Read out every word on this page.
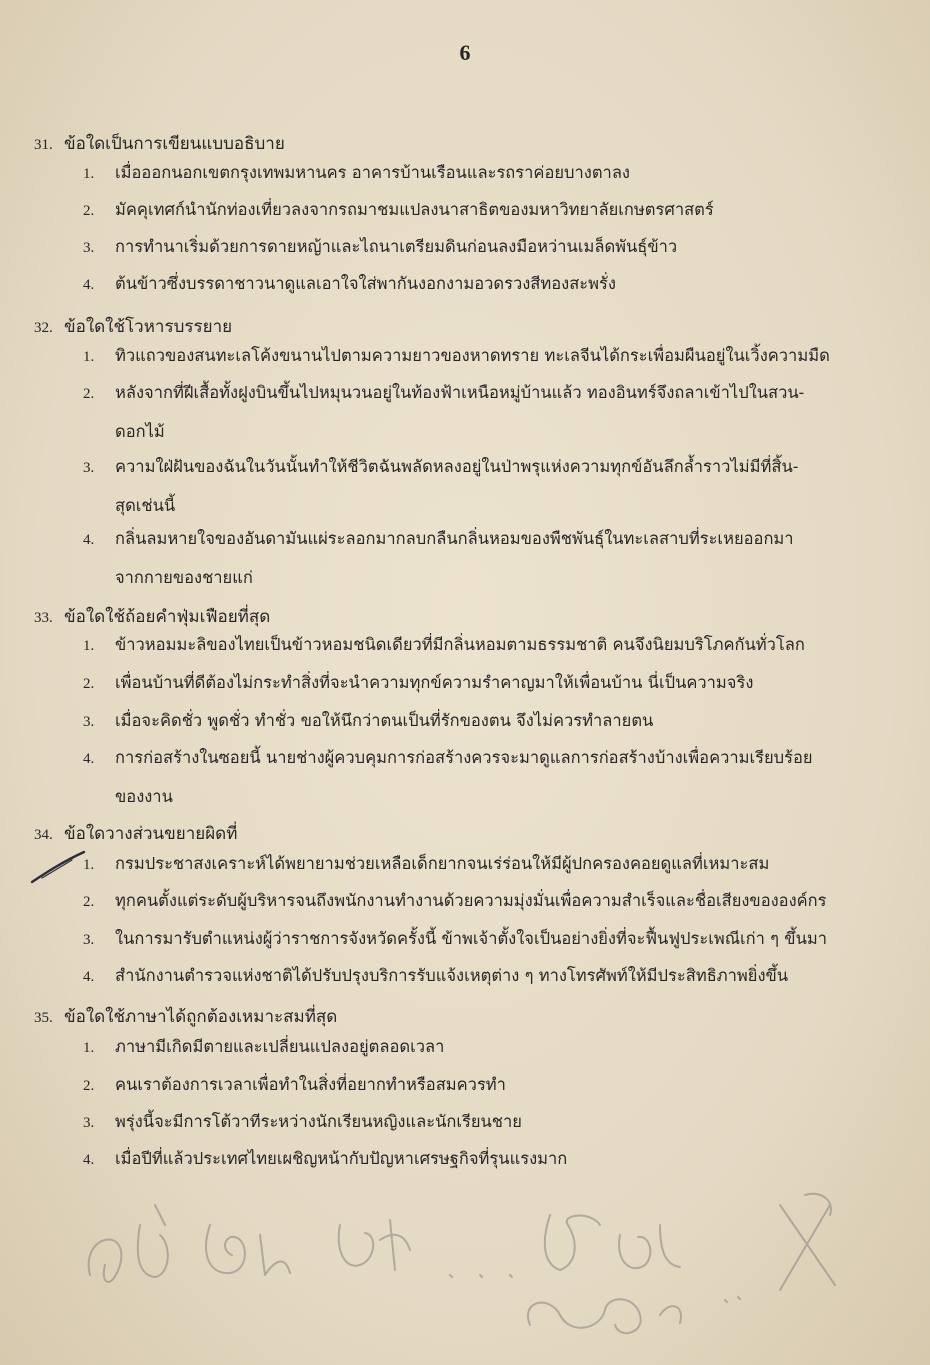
6
31. ข้อใดเป็นการเขียนแบบอธิบาย
1. เมื่อออกนอกเขตกรุงเทพมหานคร อาคารบ้านเรือนและรถราค่อยบางตาลง
2. มัคคุเทศก์นำนักท่องเที่ยวลงจากรถมาชมแปลงนาสาธิตของมหาวิทยาลัยเกษตรศาสตร์
3. การทำนาเริ่มด้วยการดายหญ้าและไถนาเตรียมดินก่อนลงมือหว่านเมล็ดพันธุ์ข้าว
4. ต้นข้าวซึ่งบรรดาชาวนาดูแลเอาใจใส่พากันงอกงามอวดรวงสีทองสะพรั่ง
32. ข้อใดใช้โวหารบรรยาย
1. ทิวแถวของสนทะเลโค้งขนานไปตามความยาวของหาดทราย ทะเลจีนได้กระเพื่อมผืนอยู่ในเวิ้งความมืด
2. หลังจากที่ฝีเสื้อทั้งฝูงบินขึ้นไปหมุนวนอยู่ในท้องฟ้าเหนือหมู่บ้านแล้ว ทองอินทร์จึงถลาเข้าไปในสวน-
ดอกไม้
3. ความใฝ่ฝันของฉันในวันนั้นทำให้ชีวิตฉันพลัดหลงอยู่ในป่าพรุแห่งความทุกข์อันลึกล้ำราวไม่มีที่สิ้น-
สุดเช่นนี้
4. กลิ่นลมหายใจของอันดามันแผ่ระลอกมากลบกลืนกลิ่นหอมของพืชพันธุ์ในทะเลสาบที่ระเหยออกมา
จากกายของชายแก่
33. ข้อใดใช้ถ้อยคำฟุ่มเฟือยที่สุด
1. ข้าวหอมมะลิของไทยเป็นข้าวหอมชนิดเดียวที่มีกลิ่นหอมตามธรรมชาติ คนจึงนิยมบริโภคกันทั่วโลก
2. เพื่อนบ้านที่ดีต้องไม่กระทำสิ่งที่จะนำความทุกข์ความรำคาญมาให้เพื่อนบ้าน นี่เป็นความจริง
3. เมื่อจะคิดชั่ว พูดชั่ว ทำชั่ว ขอให้นึกว่าตนเป็นที่รักของตน จึงไม่ควรทำลายตน
4. การก่อสร้างในซอยนี้ นายช่างผู้ควบคุมการก่อสร้างควรจะมาดูแลการก่อสร้างบ้างเพื่อความเรียบร้อย
ของงาน
34. ข้อใดวางส่วนขยายผิดที่
1. กรมประชาสงเคราะห์ได้พยายามช่วยเหลือเด็กยากจนเร่ร่อนให้มีผู้ปกครองคอยดูแลที่เหมาะสม
2. ทุกคนตั้งแต่ระดับผู้บริหารจนถึงพนักงานทำงานด้วยความมุ่งมั่นเพื่อความสำเร็จและชื่อเสียงขององค์กร
3. ในการมารับตำแหน่งผู้ว่าราชการจังหวัดครั้งนี้ ข้าพเจ้าตั้งใจเป็นอย่างยิ่งที่จะฟื้นฟูประเพณีเก่า ๆ ขึ้นมา
4. สำนักงานตำรวจแห่งชาติได้ปรับปรุงบริการรับแจ้งเหตุต่าง ๆ ทางโทรศัพท์ให้มีประสิทธิภาพยิ่งขึ้น
35. ข้อใดใช้ภาษาได้ถูกต้องเหมาะสมที่สุด
1. ภาษามีเกิดมีตายและเปลี่ยนแปลงอยู่ตลอดเวลา
2. คนเราต้องการเวลาเพื่อทำในสิ่งที่อยากทำหรือสมควรทำ
3. พรุ่งนี้จะมีการโต้วาทีระหว่างนักเรียนหญิงและนักเรียนชาย
4. เมื่อปีที่แล้วประเทศไทยเผชิญหน้ากับปัญหาเศรษฐกิจที่รุนแรงมาก
